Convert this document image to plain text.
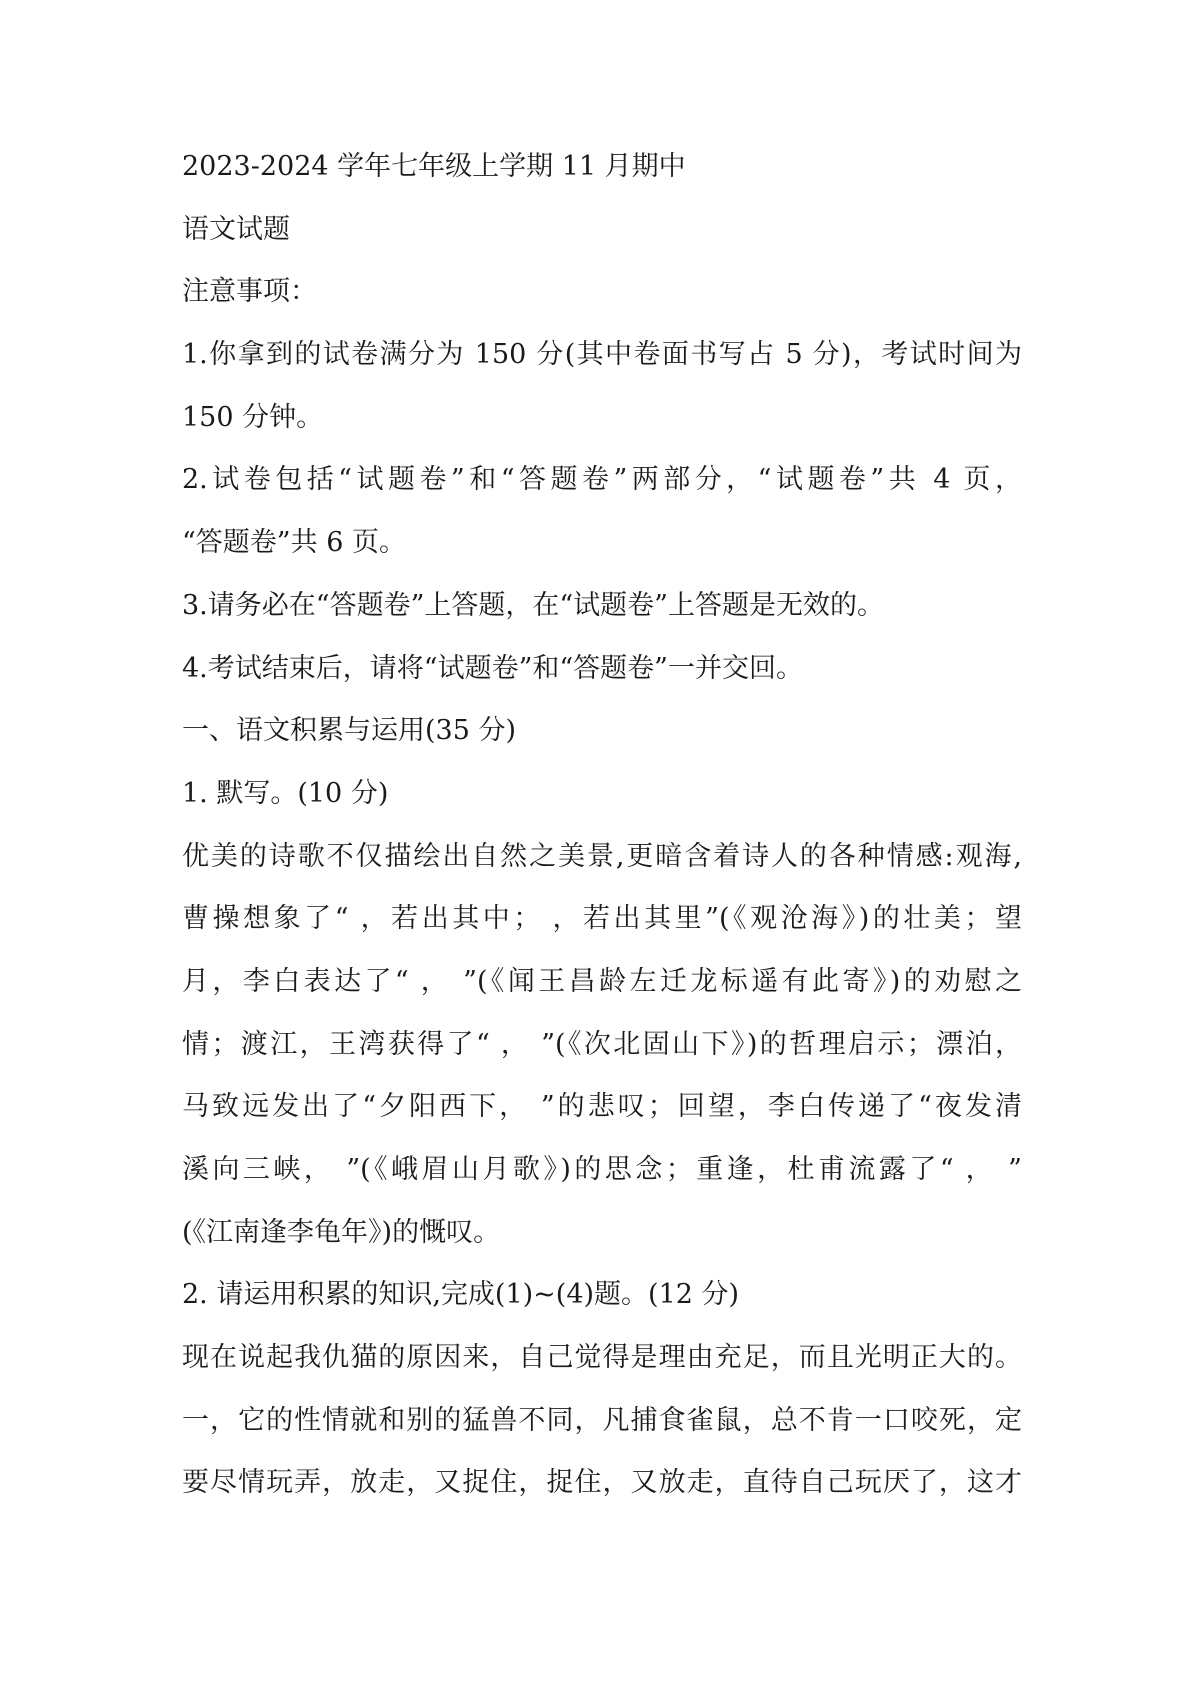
2023-2024 学年七年级上学期 11 月期中
语文试题
注意事项：
1.你拿到的试卷满分为 150 分(其中卷面书写占 5 分)，考试时间为
150 分钟。
2.试卷包括“试题卷”和“答题卷”两部分，“试题卷”共 4 页，
“答题卷”共 6 页。
3.请务必在“答题卷”上答题，在“试题卷”上答题是无效的。
4.考试结束后，请将“试题卷”和“答题卷”一并交回。
一、语文积累与运用(35 分)
1. 默写。(10 分)
优美的诗歌不仅描绘出自然之美景,更暗含着诗人的各种情感:观海,
曹操想象了“ ，若出其中； ，若出其里”(《观沧海》)的壮美；望
月，李白表达了“ ， ”(《闻王昌龄左迁龙标遥有此寄》)的劝慰之
情；渡江，王湾获得了“ ， ”(《次北固山下》)的哲理启示；漂泊，
马致远发出了“夕阳西下， ”的悲叹；回望，李白传递了“夜发清
溪向三峡， ”(《峨眉山月歌》)的思念；重逢，杜甫流露了“ ， ”
(《江南逢李龟年》)的慨叹。
2. 请运用积累的知识,完成(1)~(4)题。(12 分)
现在说起我仇猫的原因来，自己觉得是理由充足，而且光明正大的。
一，它的性情就和别的猛兽不同，凡捕食雀鼠，总不肯一口咬死，定
要尽情玩弄，放走，又捉住，捉住，又放走，直待自己玩厌了，这才
